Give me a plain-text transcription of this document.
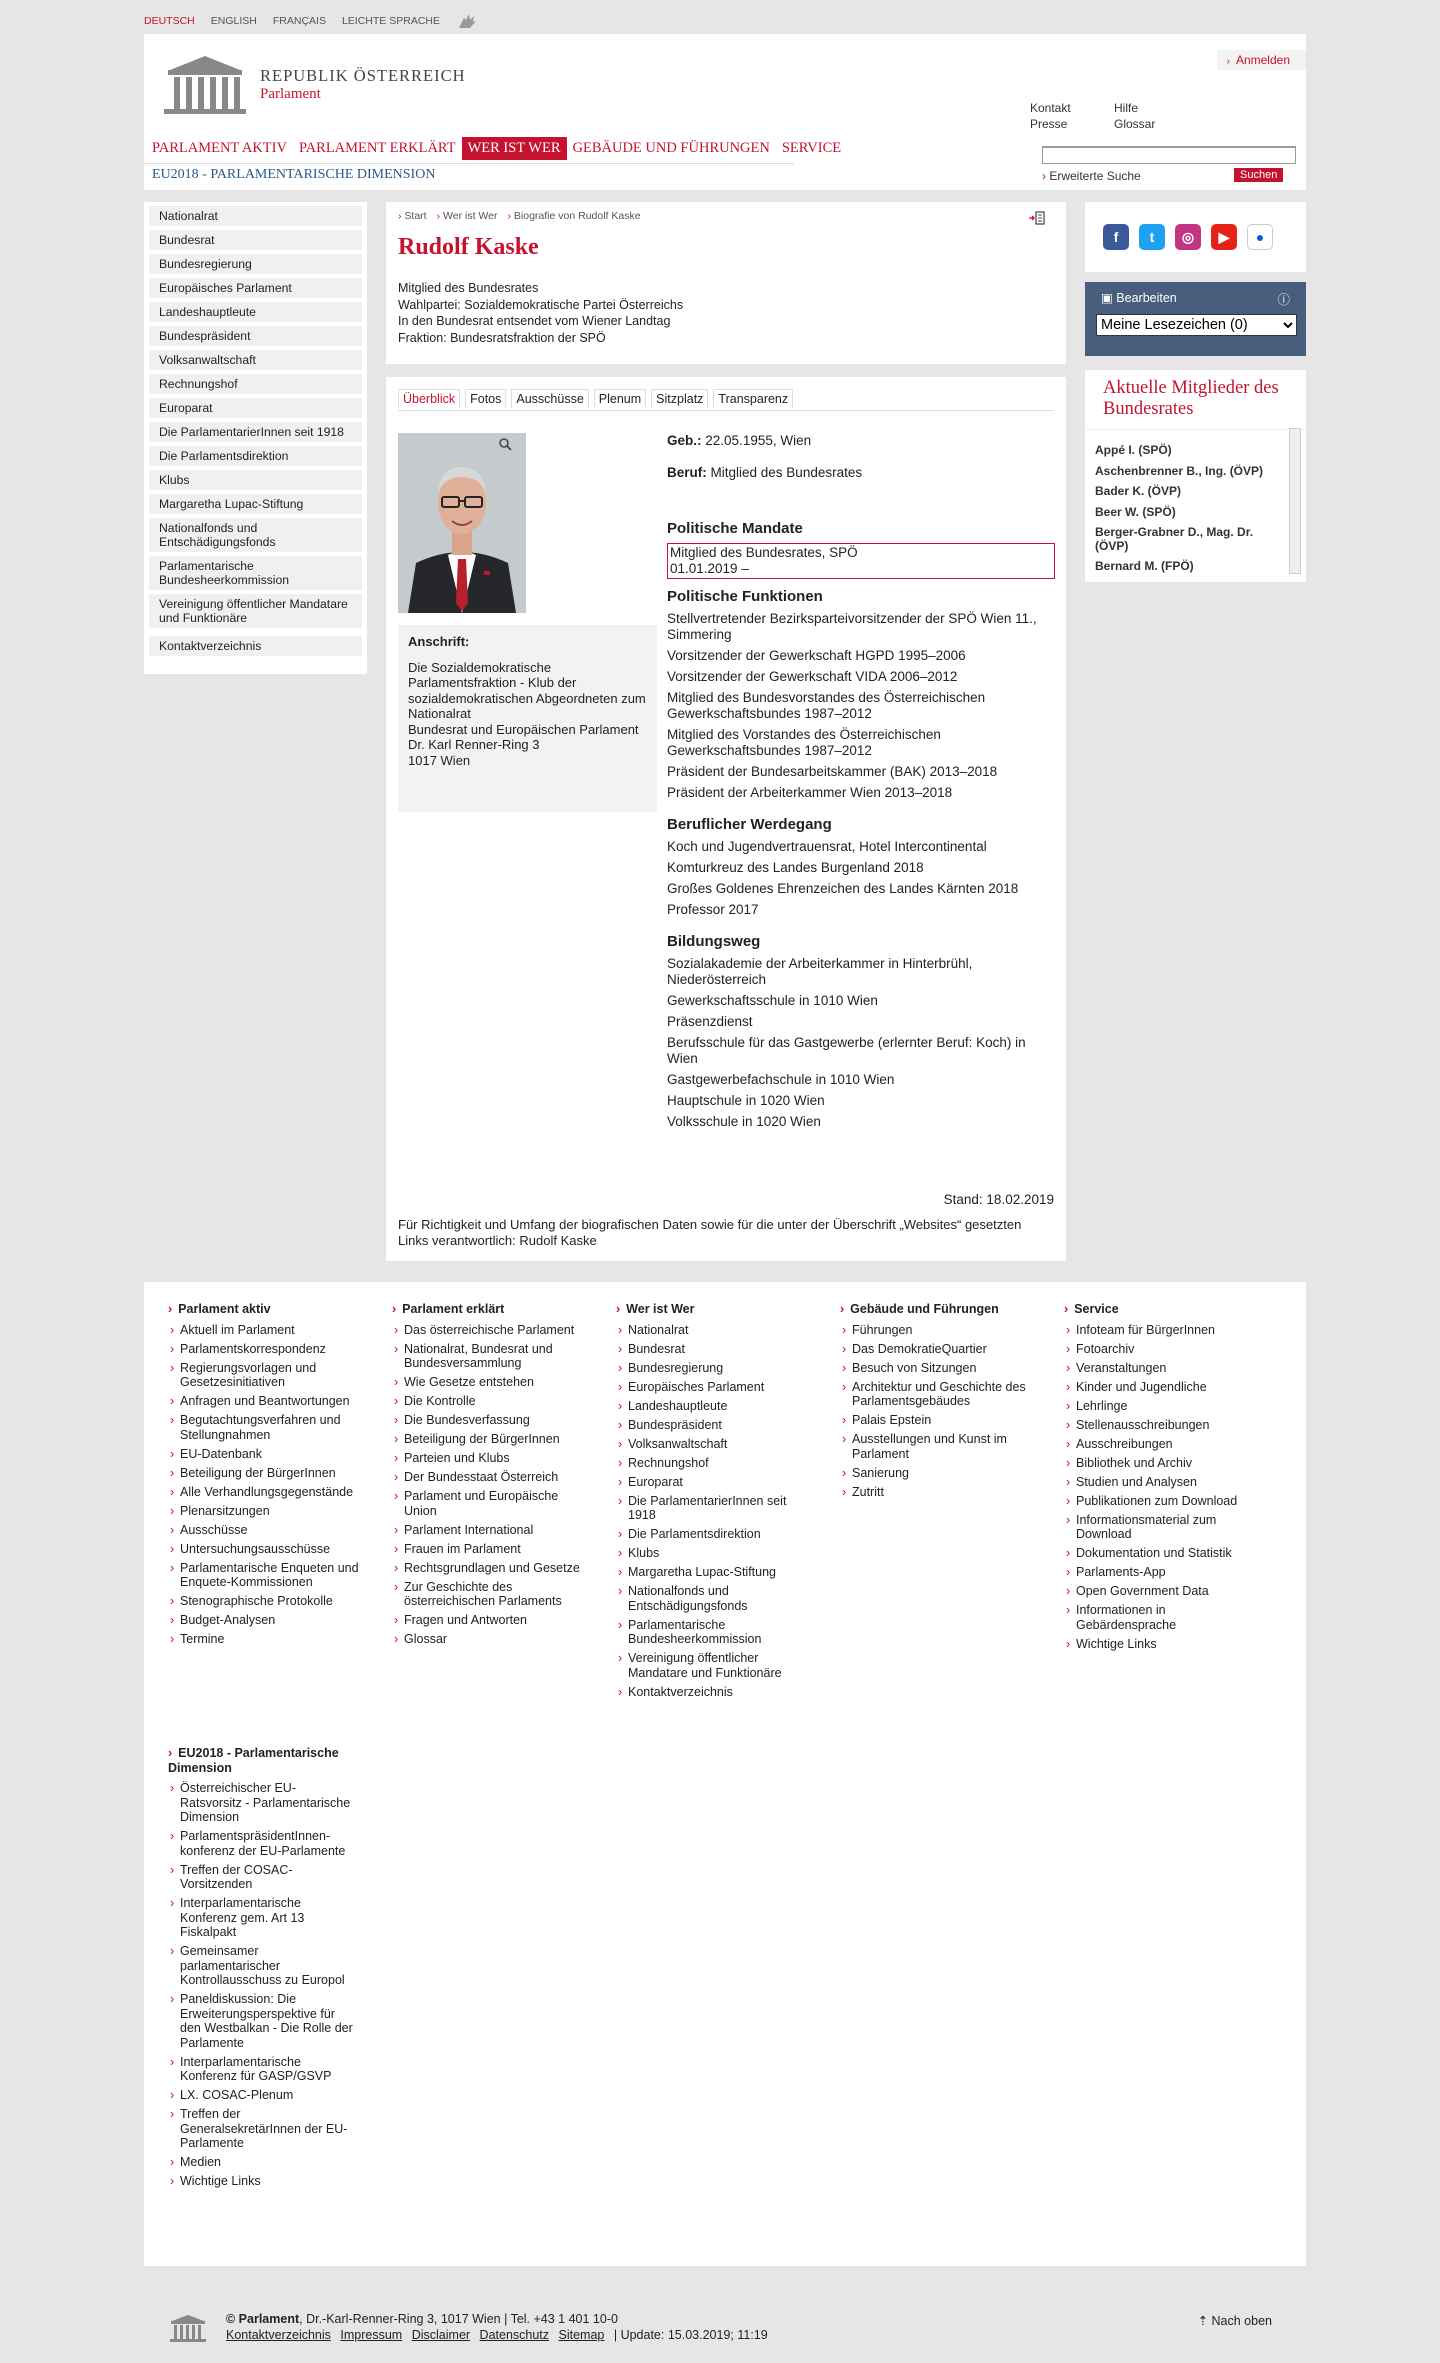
DEUTSCH ENGLISH FRANÇAIS LEICHTE SPRACHE
REPUBLIK ÖSTERREICH
Parlament
› Anmelden
Kontakt	Hilfe
Presse	Glossar
› Erweiterte Suche	Suchen
PARLAMENT AKTIV PARLAMENT ERKLÄRT WER IST WER GEBÄUDE UND FÜHRUNGEN SERVICE
EU2018 - PARLAMENTARISCHE DIMENSION
Nationalrat
Bundesrat
Bundesregierung
Europäisches Parlament
Landeshauptleute
Bundespräsident
Volksanwaltschaft
Rechnungshof
Europarat
Die ParlamentarierInnen seit 1918
Die Parlamentsdirektion
Klubs
Margaretha Lupac-Stiftung
Nationalfonds und Entschädigungsfonds
Parlamentarische Bundesheerkommission
Vereinigung öffentlicher Mandatare und Funktionäre
Kontaktverzeichnis
› Start	› Wer ist Wer	› Biografie von Rudolf Kaske
Rudolf Kaske
Mitglied des Bundesrates
Wahlpartei: Sozialdemokratische Partei Österreichs
In den Bundesrat entsendet vom Wiener Landtag
Fraktion: Bundesratsfraktion der SPÖ
Überblick	Fotos	Ausschüsse	Plenum	Sitzplatz	Transparenz
Anschrift:
Die Sozialdemokratische Parlamentsfraktion - Klub der sozialdemokratischen Abgeordneten zum Nationalrat
Bundesrat und Europäischen Parlament
Dr. Karl Renner-Ring 3
1017 Wien
Geb.: 22.05.1955, Wien
Beruf: Mitglied des Bundesrates
Politische Mandate
Mitglied des Bundesrates, SPÖ
01.01.2019 –
Politische Funktionen
Stellvertretender Bezirksparteivorsitzender der SPÖ Wien 11., Simmering
Vorsitzender der Gewerkschaft HGPD 1995–2006
Vorsitzender der Gewerkschaft VIDA 2006–2012
Mitglied des Bundesvorstandes des Österreichischen Gewerkschaftsbundes 1987–2012
Mitglied des Vorstandes des Österreichischen Gewerkschaftsbundes 1987–2012
Präsident der Bundesarbeitskammer (BAK) 2013–2018
Präsident der Arbeiterkammer Wien 2013–2018
Beruflicher Werdegang
Koch und Jugendvertrauensrat, Hotel Intercontinental
Komturkreuz des Landes Burgenland 2018
Großes Goldenes Ehrenzeichen des Landes Kärnten 2018
Professor 2017
Bildungsweg
Sozialakademie der Arbeiterkammer in Hinterbrühl, Niederösterreich
Gewerkschaftsschule in 1010 Wien
Präsenzdienst
Berufsschule für das Gastgewerbe (erlernter Beruf: Koch) in Wien
Gastgewerbefachschule in 1010 Wien
Hauptschule in 1020 Wien
Volksschule in 1020 Wien
Stand: 18.02.2019
Für Richtigkeit und Umfang der biografischen Daten sowie für die unter der Überschrift „Websites“ gesetzten Links verantwortlich: Rudolf Kaske
f	t	◎	▶	●
▣ Bearbeiten	ⓘ
Meine Lesezeichen (0)
Aktuelle Mitglieder des Bundesrates
Appé I. (SPÖ)
Aschenbrenner B., Ing. (ÖVP)
Bader K. (ÖVP)
Beer W. (SPÖ)
Berger-Grabner D., Mag. Dr. (ÖVP)
Bernard M. (FPÖ)
› Parlament aktiv
› Aktuell im Parlament
› Parlamentskorrespondenz
› Regierungsvorlagen und Gesetzesinitiativen
› Anfragen und Beantwortungen
› Begutachtungsverfahren und Stellungnahmen
› EU-Datenbank
› Beteiligung der BürgerInnen
› Alle Verhandlungsgegenstände
› Plenarsitzungen
› Ausschüsse
› Untersuchungsausschüsse
› Parlamentarische Enqueten und Enquete-Kommissionen
› Stenographische Protokolle
› Budget-Analysen
› Termine
› Parlament erklärt
› Das österreichische Parlament
› Nationalrat, Bundesrat und Bundesversammlung
› Wie Gesetze entstehen
› Die Kontrolle
› Die Bundesverfassung
› Beteiligung der BürgerInnen
› Parteien und Klubs
› Der Bundesstaat Österreich
› Parlament und Europäische Union
› Parlament International
› Frauen im Parlament
› Rechtsgrundlagen und Gesetze
› Zur Geschichte des österreichischen Parlaments
› Fragen und Antworten
› Glossar
› Wer ist Wer
› Nationalrat
› Bundesrat
› Bundesregierung
› Europäisches Parlament
› Landeshauptleute
› Bundespräsident
› Volksanwaltschaft
› Rechnungshof
› Europarat
› Die ParlamentarierInnen seit 1918
› Die Parlamentsdirektion
› Klubs
› Margaretha Lupac-Stiftung
› Nationalfonds und Entschädigungsfonds
› Parlamentarische Bundesheerkommission
› Vereinigung öffentlicher Mandatare und Funktionäre
› Kontaktverzeichnis
› Gebäude und Führungen
› Führungen
› Das DemokratieQuartier
› Besuch von Sitzungen
› Architektur und Geschichte des Parlamentsgebäudes
› Palais Epstein
› Ausstellungen und Kunst im Parlament
› Sanierung
› Zutritt
› Service
› Infoteam für BürgerInnen
› Fotoarchiv
› Veranstaltungen
› Kinder und Jugendliche
› Lehrlinge
› Stellenausschreibungen
› Ausschreibungen
› Bibliothek und Archiv
› Studien und Analysen
› Publikationen zum Download
› Informationsmaterial zum Download
› Dokumentation und Statistik
› Parlaments-App
› Open Government Data
› Informationen in Gebärdensprache
› Wichtige Links
› EU2018 - Parlamentarische Dimension
› Österreichischer EU-Ratsvorsitz - Parlamentarische Dimension
› ParlamentspräsidentInnen-konferenz der EU-Parlamente
› Treffen der COSAC-Vorsitzenden
› Interparlamentarische Konferenz gem. Art 13 Fiskalpakt
› Gemeinsamer parlamentarischer Kontrollausschuss zu Europol
› Paneldiskussion: Die Erweiterungsperspektive für den Westbalkan - Die Rolle der Parlamente
› Interparlamentarische Konferenz für GASP/GSVP
› LX. COSAC-Plenum
› Treffen der GeneralsekretärInnen der EU-Parlamente
› Medien
› Wichtige Links
© Parlament, Dr.-Karl-Renner-Ring 3, 1017 Wien | Tel. +43 1 401 10-0
Kontaktverzeichnis Impressum Disclaimer Datenschutz Sitemap | Update: 15.03.2019; 11:19
⇡ Nach oben
